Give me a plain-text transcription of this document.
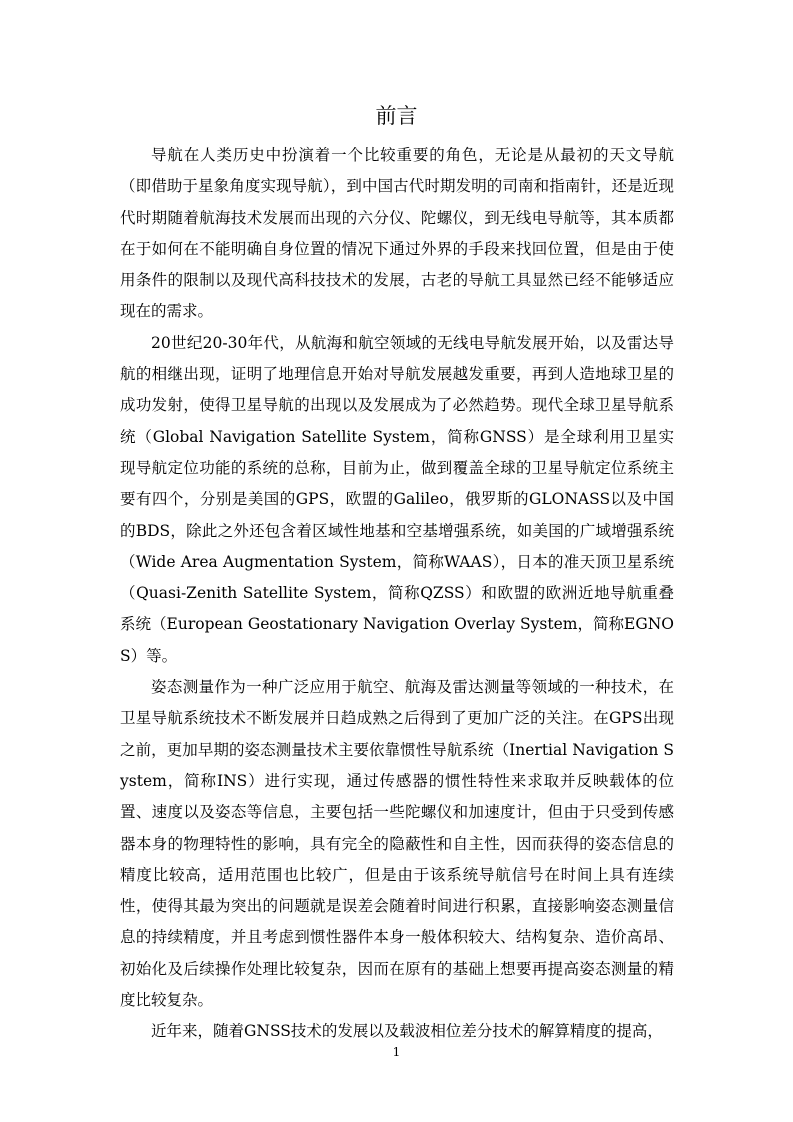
前言

导航在人类历史中扮演着一个比较重要的角色，无论是从最初的天文导航（即借助于星象角度实现导航），到中国古代时期发明的司南和指南针，还是近现代时期随着航海技术发展而出现的六分仪、陀螺仪，到无线电导航等，其本质都在于如何在不能明确自身位置的情况下通过外界的手段来找回位置，但是由于使用条件的限制以及现代高科技技术的发展，古老的导航工具显然已经不能够适应现在的需求。

20世纪20-30年代，从航海和航空领域的无线电导航发展开始，以及雷达导航的相继出现，证明了地理信息开始对导航发展越发重要，再到人造地球卫星的成功发射，使得卫星导航的出现以及发展成为了必然趋势。现代全球卫星导航系统（Global Navigation Satellite System，简称GNSS）是全球利用卫星实现导航定位功能的系统的总称，目前为止，做到覆盖全球的卫星导航定位系统主要有四个，分别是美国的GPS，欧盟的Galileo，俄罗斯的GLONASS以及中国的BDS，除此之外还包含着区域性地基和空基增强系统，如美国的广域增强系统（Wide Area Augmentation System，简称WAAS），日本的准天顶卫星系统（Quasi-Zenith Satellite System，简称QZSS）和欧盟的欧洲近地导航重叠系统（European Geostationary Navigation Overlay System，简称EGNOS）等。

姿态测量作为一种广泛应用于航空、航海及雷达测量等领域的一种技术，在卫星导航系统技术不断发展并日趋成熟之后得到了更加广泛的关注。在GPS出现之前，更加早期的姿态测量技术主要依靠惯性导航系统（Inertial Navigation System，简称INS）进行实现，通过传感器的惯性特性来求取并反映载体的位置、速度以及姿态等信息，主要包括一些陀螺仪和加速度计，但由于只受到传感器本身的物理特性的影响，具有完全的隐蔽性和自主性，因而获得的姿态信息的精度比较高，适用范围也比较广，但是由于该系统导航信号在时间上具有连续性，使得其最为突出的问题就是误差会随着时间进行积累，直接影响姿态测量信息的持续精度，并且考虑到惯性器件本身一般体积较大、结构复杂、造价高昂、初始化及后续操作处理比较复杂，因而在原有的基础上想要再提高姿态测量的精度比较复杂。

近年来，随着GNSS技术的发展以及载波相位差分技术的解算精度的提高，

1
